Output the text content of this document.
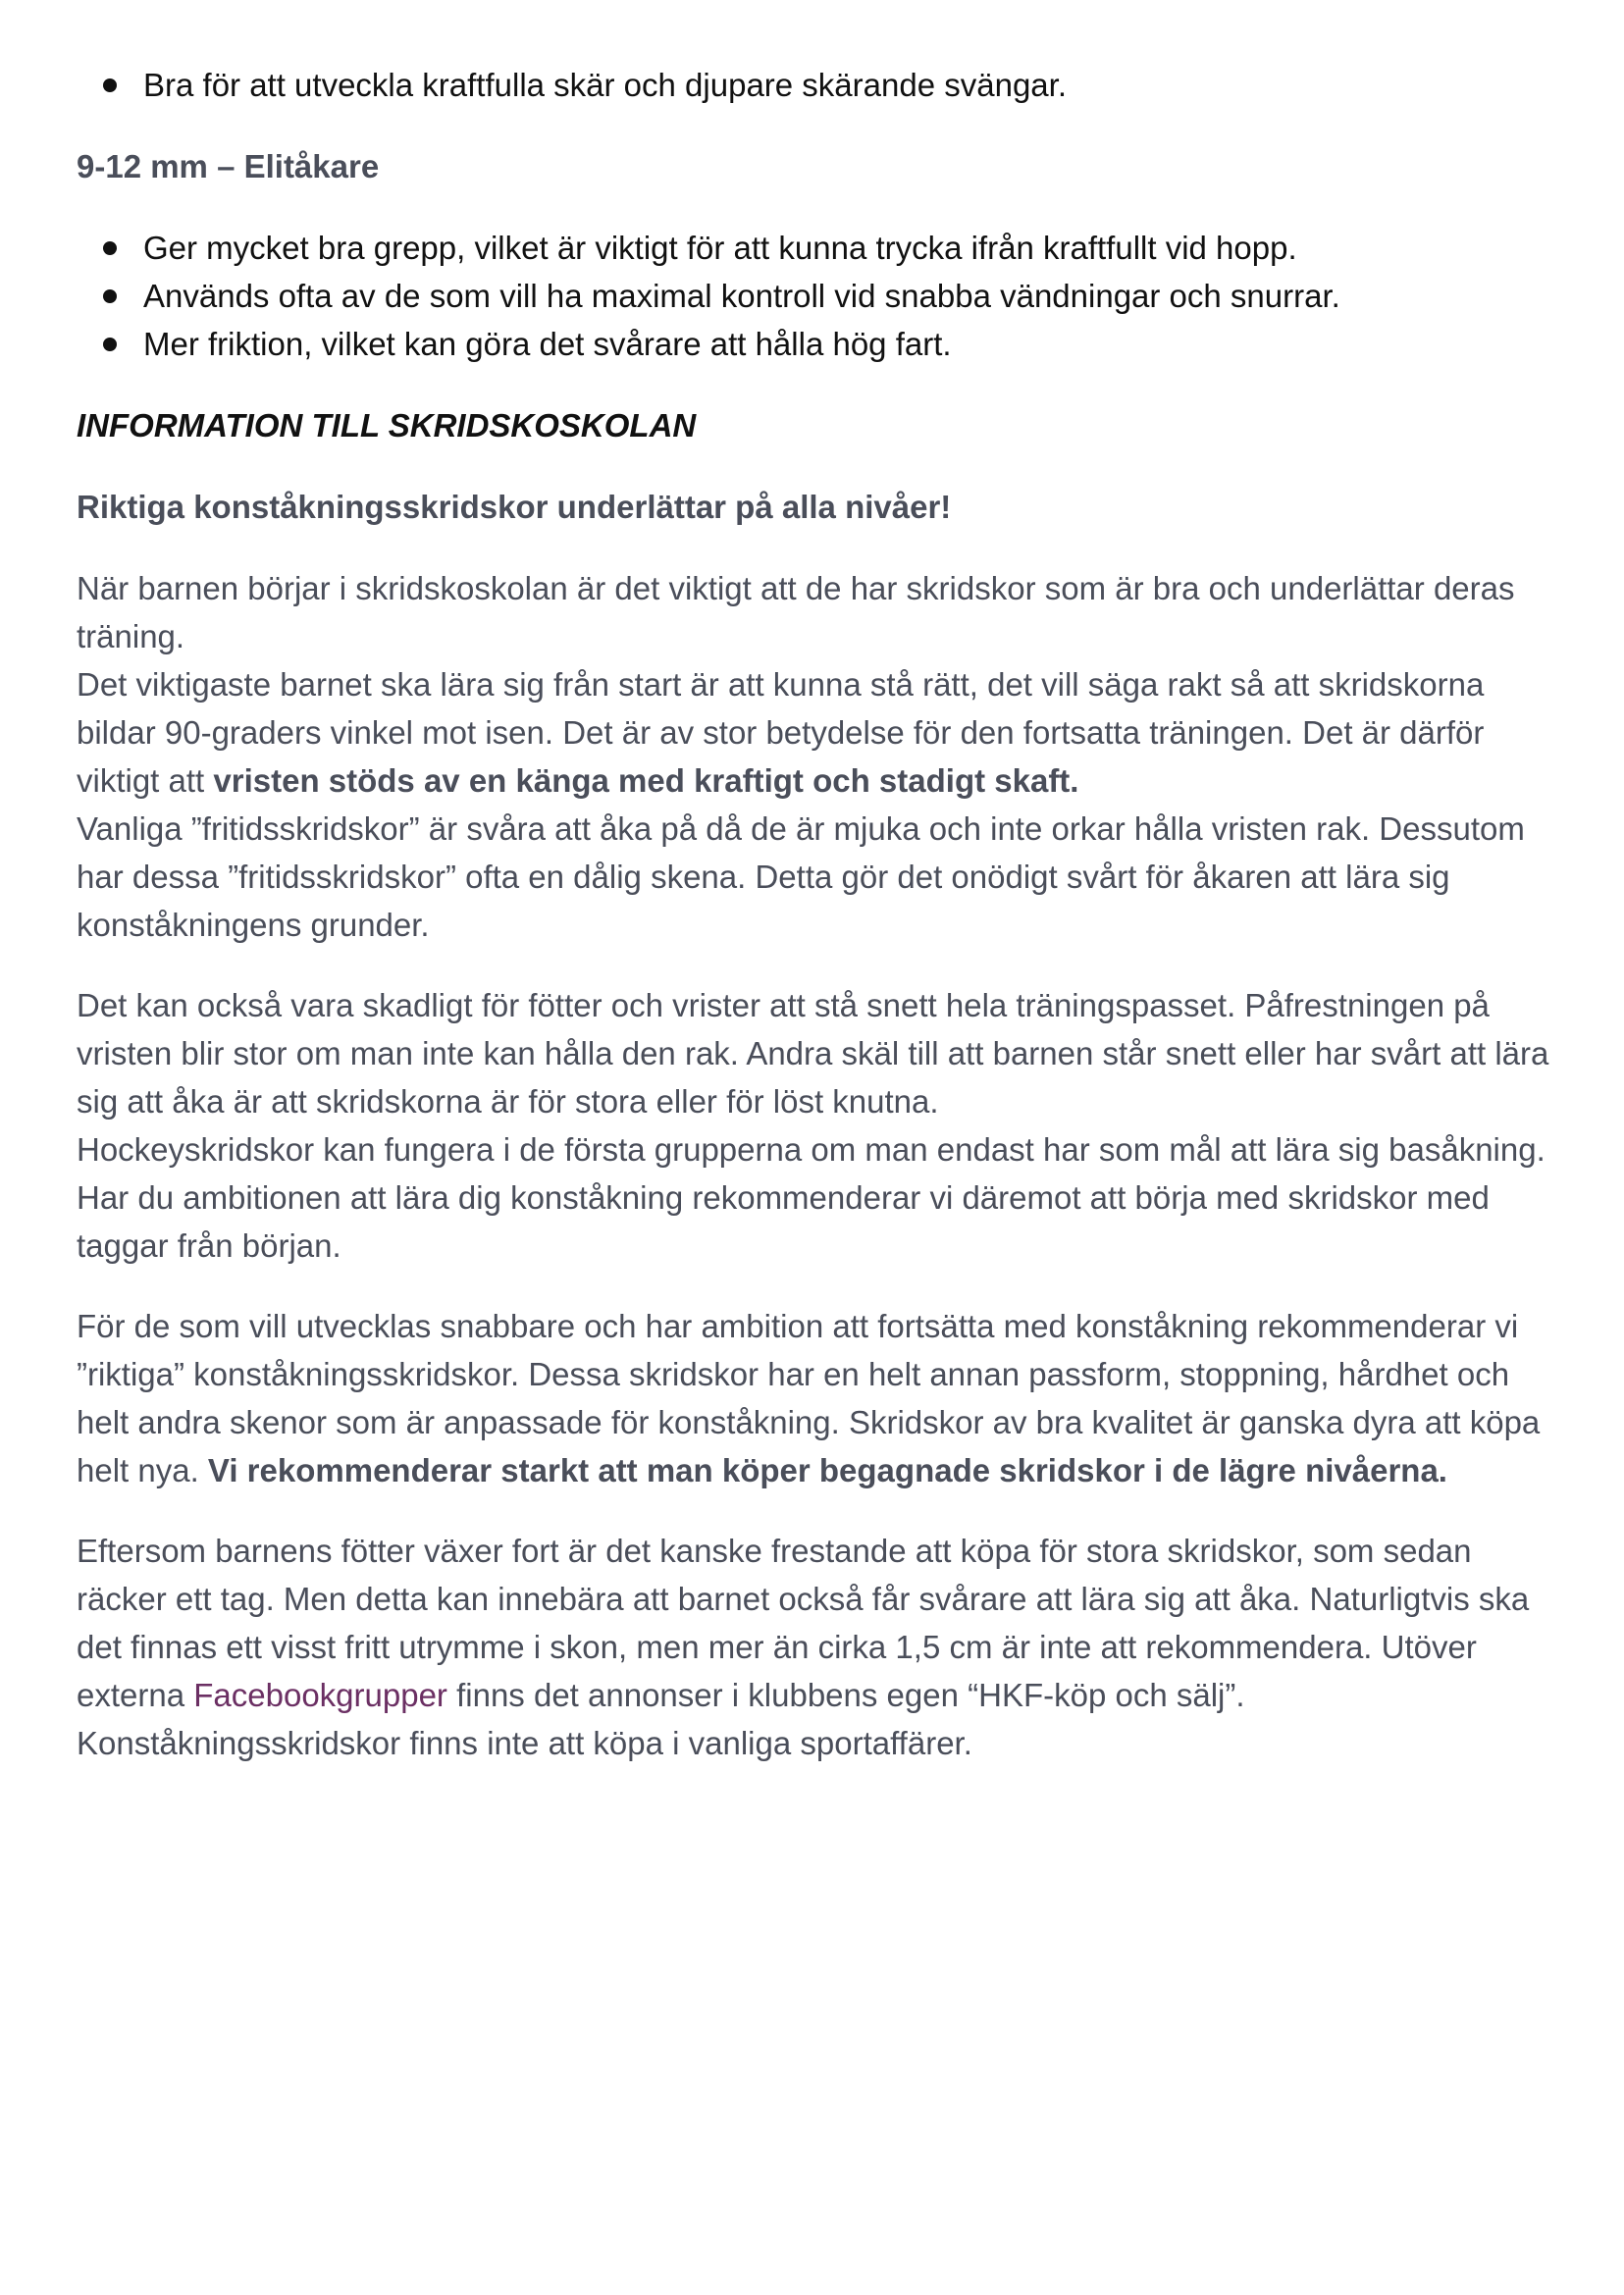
Bra för att utveckla kraftfulla skär och djupare skärande svängar.

9-12 mm – Elitåkare

Ger mycket bra grepp, vilket är viktigt för att kunna trycka ifrån kraftfullt vid hopp.
Används ofta av de som vill ha maximal kontroll vid snabba vändningar och snurrar.
Mer friktion, vilket kan göra det svårare att hålla hög fart.

INFORMATION TILL SKRIDSKOSKOLAN

Riktiga konståkningsskridskor underlättar på alla nivåer!

När barnen börjar i skridskoskolan är det viktigt att de har skridskor som är bra och underlättar deras träning.

Det viktigaste barnet ska lära sig från start är att kunna stå rätt, det vill säga rakt så att skridskorna bildar 90-graders vinkel mot isen. Det är av stor betydelse för den fortsatta träningen. Det är därför viktigt att vristen stöds av en känga med kraftigt och stadigt skaft.

Vanliga ”fritidsskridskor” är svåra att åka på då de är mjuka och inte orkar hålla vristen rak. Dessutom har dessa ”fritidsskridskor” ofta en dålig skena. Detta gör det onödigt svårt för åkaren att lära sig konståkningens grunder.

Det kan också vara skadligt för fötter och vrister att stå snett hela träningspasset. Påfrestningen på vristen blir stor om man inte kan hålla den rak. Andra skäl till att barnen står snett eller har svårt att lära sig att åka är att skridskorna är för stora eller för löst knutna.

Hockeyskridskor kan fungera i de första grupperna om man endast har som mål att lära sig basåkning. Har du ambitionen att lära dig konståkning rekommenderar vi däremot att börja med skridskor med taggar från början.

För de som vill utvecklas snabbare och har ambition att fortsätta med konståkning rekommenderar vi ”riktiga” konståkningsskridskor. Dessa skridskor har en helt annan passform, stoppning, hårdhet och helt andra skenor som är anpassade för konståkning. Skridskor av bra kvalitet är ganska dyra att köpa helt nya. Vi rekommenderar starkt att man köper begagnade skridskor i de lägre nivåerna.

Eftersom barnens fötter växer fort är det kanske frestande att köpa för stora skridskor, som sedan räcker ett tag. Men detta kan innebära att barnet också får svårare att lära sig att åka. Naturligtvis ska det finnas ett visst fritt utrymme i skon, men mer än cirka 1,5 cm är inte att rekommendera. Utöver externa Facebookgrupper finns det annonser i klubbens egen “HKF-köp och sälj”. Konståkningsskridskor finns inte att köpa i vanliga sportaffärer.
